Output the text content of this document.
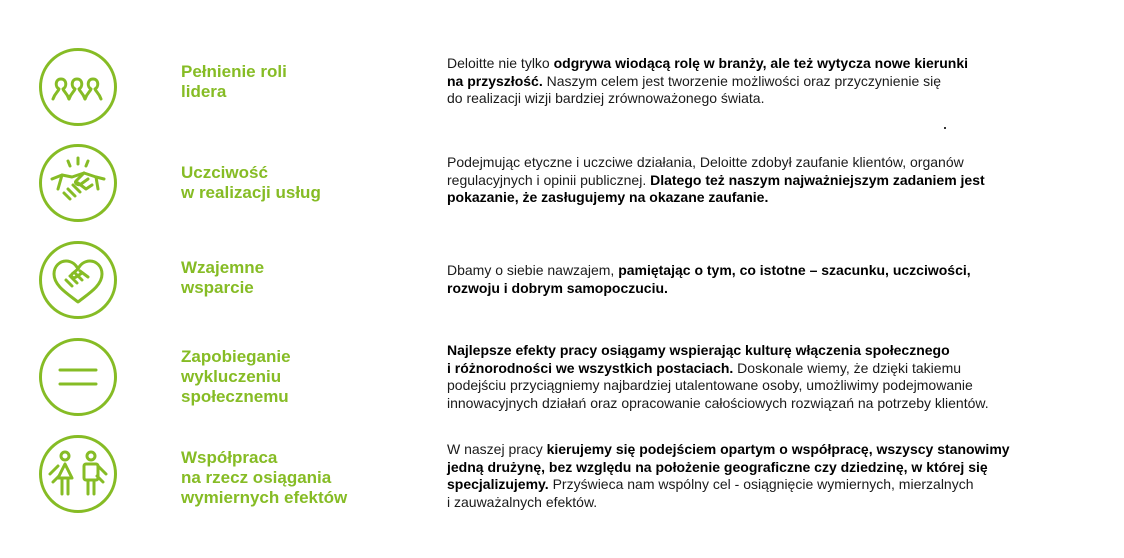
Pełnienie roli
lidera

Deloitte nie tylko odgrywa wiodącą rolę w branży, ale też wytycza nowe kierunki
na przyszłość. Naszym celem jest tworzenie możliwości oraz przyczynienie się
do realizacji wizji bardziej zrównoważonego świata.

Uczciwość
w realizacji usług

Podejmując etyczne i uczciwe działania, Deloitte zdobył zaufanie klientów, organów
regulacyjnych i opinii publicznej. Dlatego też naszym najważniejszym zadaniem jest
pokazanie, że zasługujemy na okazane zaufanie.

Wzajemne
wsparcie

Dbamy o siebie nawzajem, pamiętając o tym, co istotne – szacunku, uczciwości,
rozwoju i dobrym samopoczuciu.

Zapobieganie
wykluczeniu
społecznemu

Najlepsze efekty pracy osiągamy wspierając kulturę włączenia społecznego
i różnorodności we wszystkich postaciach. Doskonale wiemy, że dzięki takiemu
podejściu przyciągniemy najbardziej utalentowane osoby, umożliwimy podejmowanie
innowacyjnych działań oraz opracowanie całościowych rozwiązań na potrzeby klientów.

Współpraca
na rzecz osiągania
wymiernych efektów

W naszej pracy kierujemy się podejściem opartym o współpracę, wszyscy stanowimy
jedną drużynę, bez względu na położenie geograficzne czy dziedzinę, w której się
specjalizujemy. Przyświeca nam wspólny cel - osiągnięcie wymiernych, mierzalnych
i zauważalnych efektów.
